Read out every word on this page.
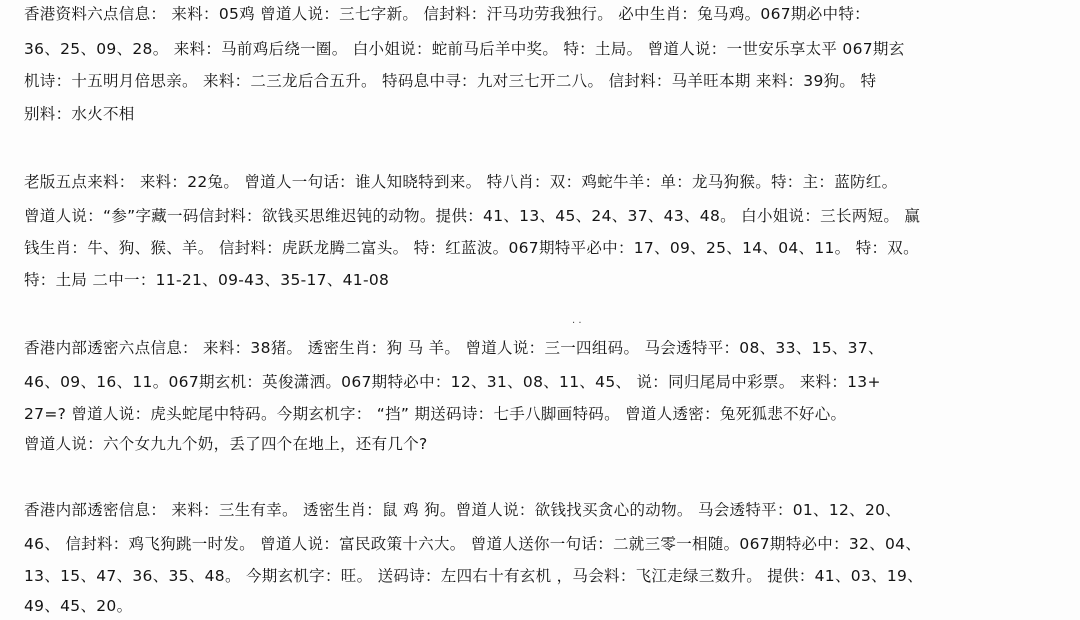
香港资料六点信息： 来料：05鸡 曾道人说：三七字新。 信封料：汗马功劳我独行。 必中生肖：兔马鸡。067期必中特：
36、25、09、28。 来料：马前鸡后绕一圈。 白小姐说：蛇前马后羊中奖。 特：土局。 曾道人说：一世安乐享太平 067期玄
机诗：十五明月倍思亲。 来料：二三龙后合五升。 特码息中寻：九对三七开二八。 信封料：马羊旺本期 来料：39狗。 特
别料：水火不相
老版五点来料： 来料：22兔。 曾道人一句话：谁人知晓特到来。 特八肖：双：鸡蛇牛羊：单：龙马狗猴。特：主：蓝防红。
曾道人说：“参”字藏一码信封料：欲钱买思维迟钝的动物。提供：41、13、45、24、37、43、48。 白小姐说：三长两短。 赢
钱生肖：牛、狗、猴、羊。 信封料：虎跃龙腾二富头。 特：红蓝波。067期特平必中：17、09、25、14、04、11。 特：双。
特：土局 二中一：11-21、09-43、35-17、41-08
· ·
香港内部透密六点信息： 来料：38猪。 透密生肖：狗 马 羊。 曾道人说：三一四组码。 马会透特平：08、33、15、37、
46、09、16、11。067期玄机：英俊潇洒。067期特必中：12、31、08、11、45、 说：同归尾局中彩票。 来料：13+
27=? 曾道人说：虎头蛇尾中特码。今期玄机字： “挡” 期送码诗：七手八脚画特码。 曾道人透密：兔死狐悲不好心。
曾道人说：六个女九九个奶，丢了四个在地上，还有几个?
香港内部透密信息： 来料：三生有幸。 透密生肖：鼠 鸡 狗。曾道人说：欲钱找买贪心的动物。 马会透特平：01、12、20、
46、 信封料：鸡飞狗跳一时发。 曾道人说：富民政策十六大。 曾道人送你一句话：二就三零一相随。067期特必中：32、04、
13、15、47、36、35、48。 今期玄机字：旺。 送码诗：左四右十有玄机 ，马会料：飞江走绿三数升。 提供：41、03、19、
49、45、20。
